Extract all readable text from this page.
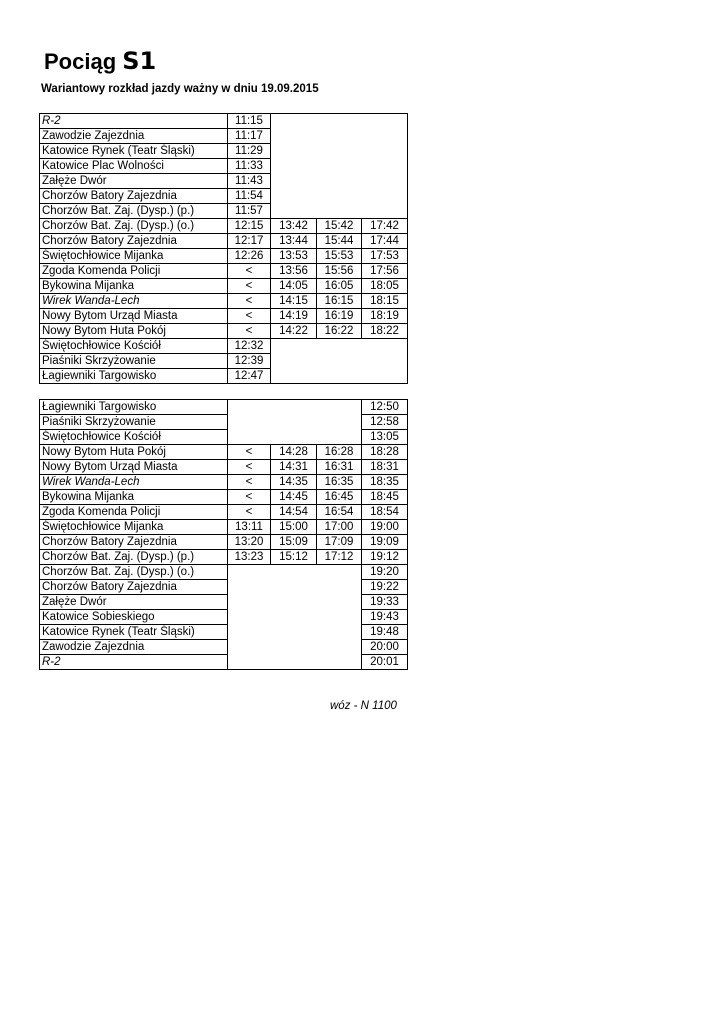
Pociąg S1
Wariantowy rozkład jazdy ważny w dniu 19.09.2015
R-2	11:15			
Zawodzie Zajezdnia	11:17			
Katowice Rynek (Teatr Śląski)	11:29			
Katowice Plac Wolności	11:33			
Załęże Dwór	11:43			
Chorzów Batory Zajezdnia	11:54			
Chorzów Bat. Zaj. (Dysp.) (p.)	11:57			
Chorzów Bat. Zaj. (Dysp.) (o.)	12:15	13:42	15:42	17:42
Chorzów Batory Zajezdnia	12:17	13:44	15:44	17:44
Świętochłowice Mijanka	12:26	13:53	15:53	17:53
Zgoda Komenda Policji	<	13:56	15:56	17:56
Bykowina Mijanka	<	14:05	16:05	18:05
Wirek Wanda-Lech	<	14:15	16:15	18:15
Nowy Bytom Urząd Miasta	<	14:19	16:19	18:19
Nowy Bytom Huta Pokój	<	14:22	16:22	18:22
Świętochłowice Kościół	12:32			
Piaśniki Skrzyżowanie	12:39			
Łagiewniki Targowisko	12:47			
Łagiewniki Targowisko				12:50
Piaśniki Skrzyżowanie				12:58
Świętochłowice Kościół				13:05
Nowy Bytom Huta Pokój	<	14:28	16:28	18:28
Nowy Bytom Urząd Miasta	<	14:31	16:31	18:31
Wirek Wanda-Lech	<	14:35	16:35	18:35
Bykowina Mijanka	<	14:45	16:45	18:45
Zgoda Komenda Policji	<	14:54	16:54	18:54
Świętochłowice Mijanka	13:11	15:00	17:00	19:00
Chorzów Batory Zajezdnia	13:20	15:09	17:09	19:09
Chorzów Bat. Zaj. (Dysp.) (p.)	13:23	15:12	17:12	19:12
Chorzów Bat. Zaj. (Dysp.) (o.)				19:20
Chorzów Batory Zajezdnia				19:22
Załęże Dwór				19:33
Katowice Sobieskiego				19:43
Katowice Rynek (Teatr Śląski)				19:48
Zawodzie Zajezdnia				20:00
R-2				20:01
wóz - N 1100
